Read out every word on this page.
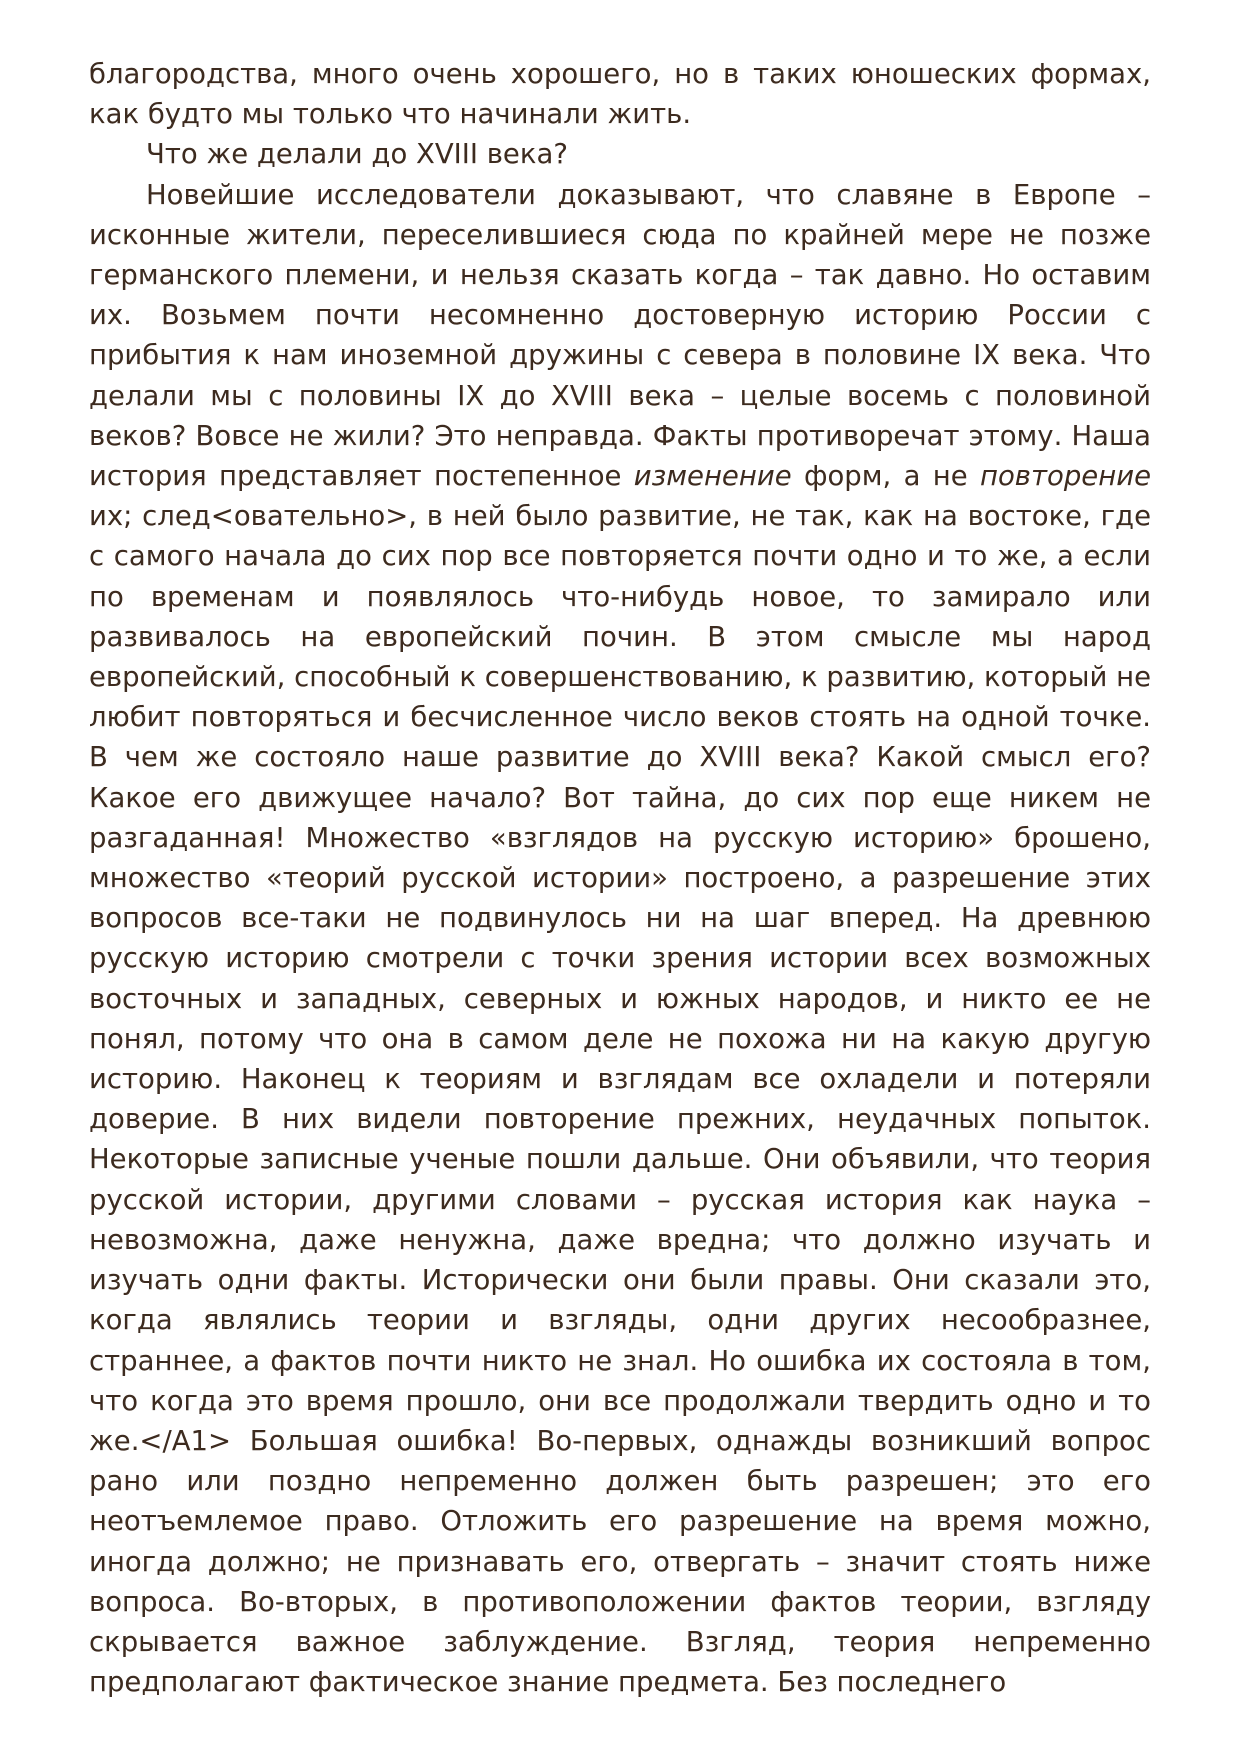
благородства, много очень хорошего, но в таких юношеских формах, как будто мы только что начинали жить.

Что же делали до XVIII века?

Новейшие исследователи доказывают, что славяне в Европе – исконные жители, переселившиеся сюда по крайней мере не позже германского племени, и нельзя сказать когда – так давно. Но оставим их. Возьмем почти несомненно достоверную историю России с прибытия к нам иноземной дружины с севера в половине IX века. Что делали мы с половины IX до XVIII века – целые восемь с половиной веков? Вовсе не жили? Это неправда. Факты противоречат этому. Наша история представляет постепенное изменение форм, а не повторение их; след<овательно>, в ней было развитие, не так, как на востоке, где с самого начала до сих пор все повторяется почти одно и то же, а если по временам и появлялось что-нибудь новое, то замирало или развивалось на европейский почин. В этом смысле мы народ европейский, способный к совершенствованию, к развитию, который не любит повторяться и бесчисленное число веков стоять на одной точке. В чем же состояло наше развитие до XVIII века? Какой смысл его? Какое его движущее начало? Вот тайна, до сих пор еще никем не разгаданная! Множество «взглядов на русскую историю» брошено, множество «теорий русской истории» построено, а разрешение этих вопросов все-таки не подвинулось ни на шаг вперед. На древнюю русскую историю смотрели с точки зрения истории всех возможных восточных и западных, северных и южных народов, и никто ее не понял, потому что она в самом деле не похожа ни на какую другую историю. Наконец к теориям и взглядам все охладели и потеряли доверие. В них видели повторение прежних, неудачных попыток. Некоторые записные ученые пошли дальше. Они объявили, что теория русской истории, другими словами – русская история как наука – невозможна, даже ненужна, даже вредна; что должно изучать и изучать одни факты. Исторически они были правы. Они сказали это, когда являлись теории и взгляды, одни других несообразнее, страннее, а фактов почти никто не знал. Но ошибка их состояла в том, что когда это время прошло, они все продолжали твердить одно и то же.</A1> Большая ошибка! Во-первых, однажды возникший вопрос рано или поздно непременно должен быть разрешен; это его неотъемлемое право. Отложить его разрешение на время можно, иногда должно; не признавать его, отвергать – значит стоять ниже вопроса. Во-вторых, в противоположении фактов теории, взгляду скрывается важное заблуждение. Взгляд, теория непременно предполагают фактическое знание предмета. Без последнего
